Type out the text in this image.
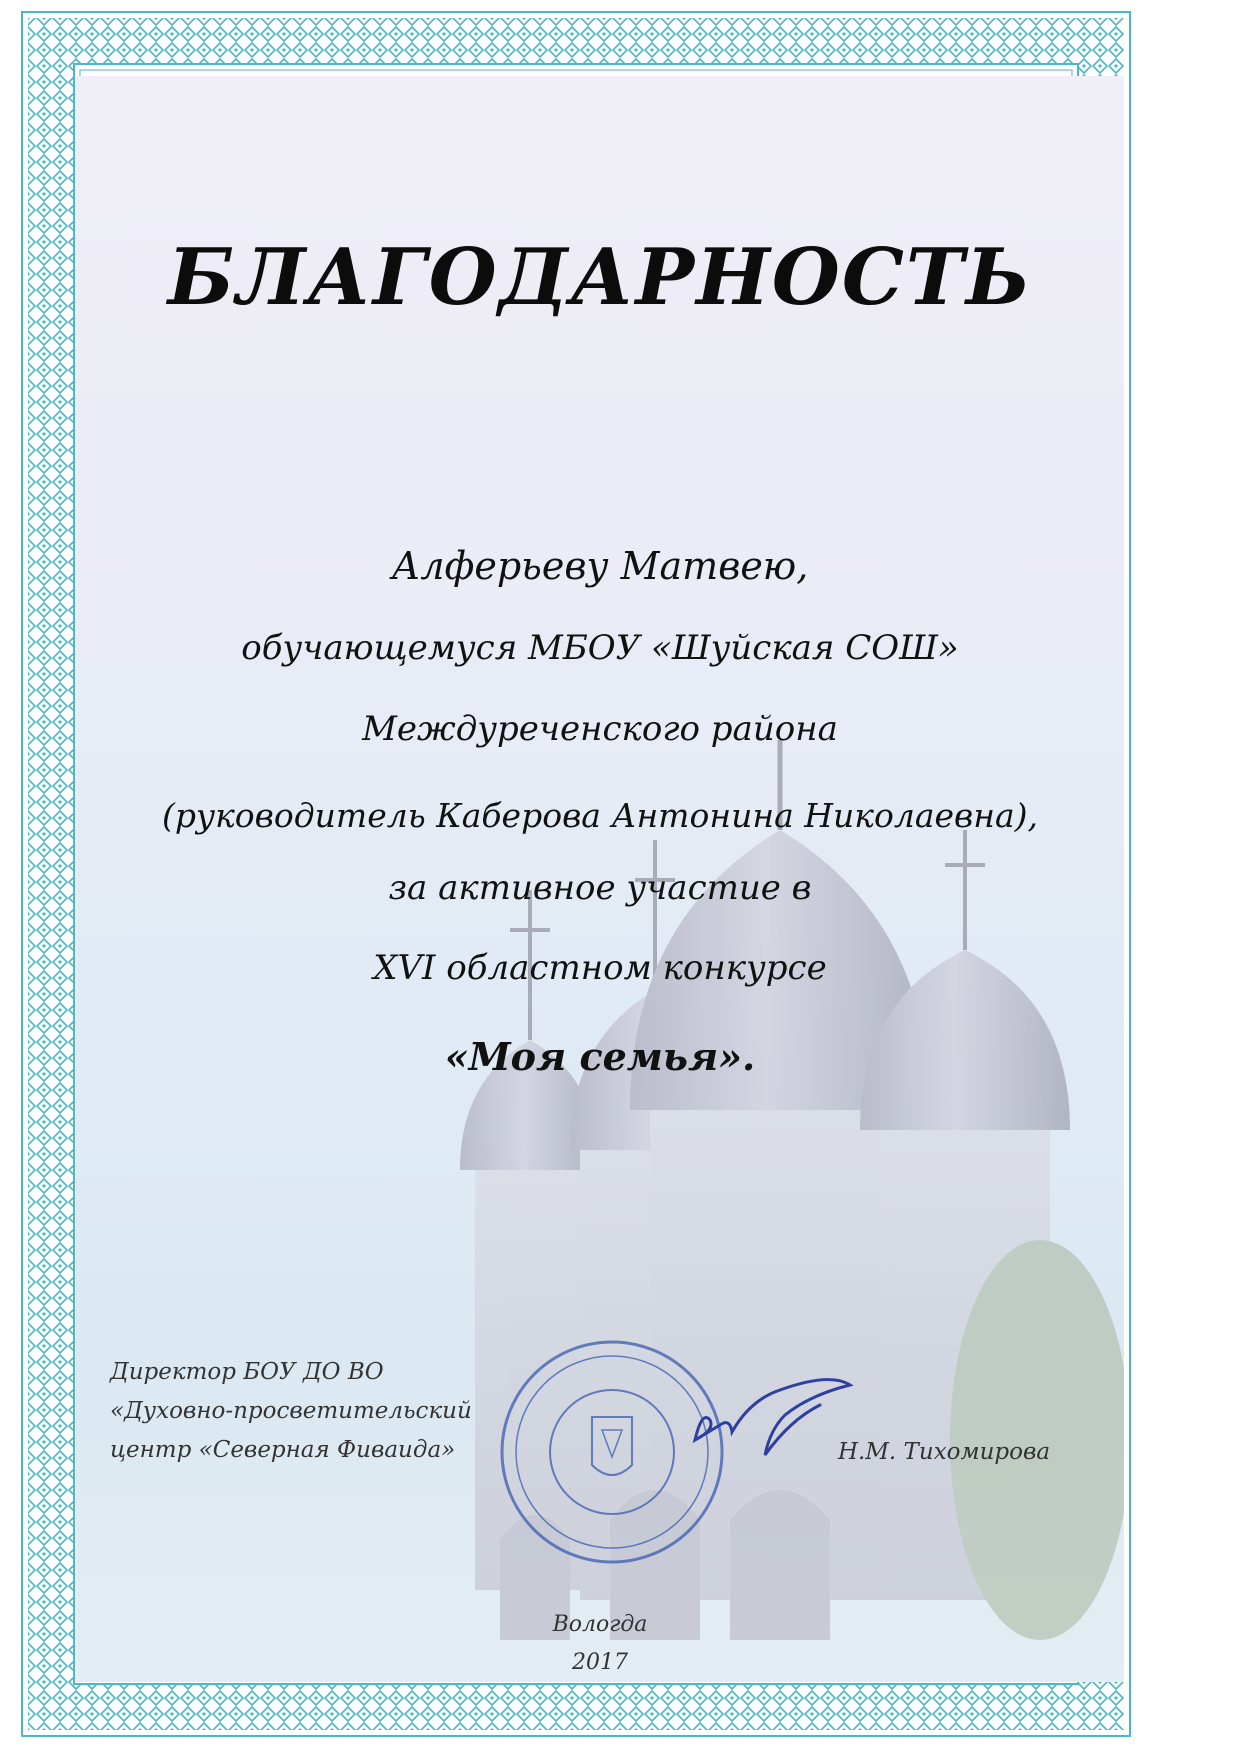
БЛАГОДАРНОСТЬ
Алферьеву Матвею,
обучающемуся МБОУ «Шуйская СОШ»
Междуреченского района
(руководитель Каберова Антонина Николаевна),
за активное участие в
XVI областном конкурсе
«Моя семья».
Директор БОУ ДО ВО
«Духовно-просветительский
центр «Северная Фиваида»	Н.М. Тихомирова
Вологда
2017
